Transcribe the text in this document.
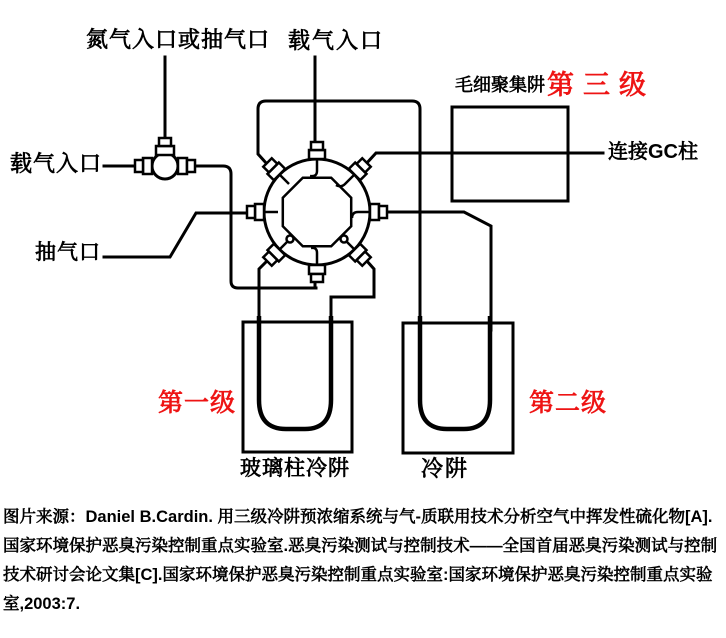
氮气入口或抽气口 载气入口
载气入口
抽气口
毛细聚集阱 第三级
连接GC柱
第一级	第二级
玻璃柱冷阱	冷阱
图片来源：Daniel B.Cardin. 用三级冷阱预浓缩系统与气-质联用技术分析空气中挥发性硫化物[A]. 国家环境保护恶臭污染控制重点实验室.恶臭污染测试与控制技术——全国首届恶臭污染测试与控制技术研讨会论文集[C].国家环境保护恶臭污染控制重点实验室:国家环境保护恶臭污染控制重点实验室,2003:7.
